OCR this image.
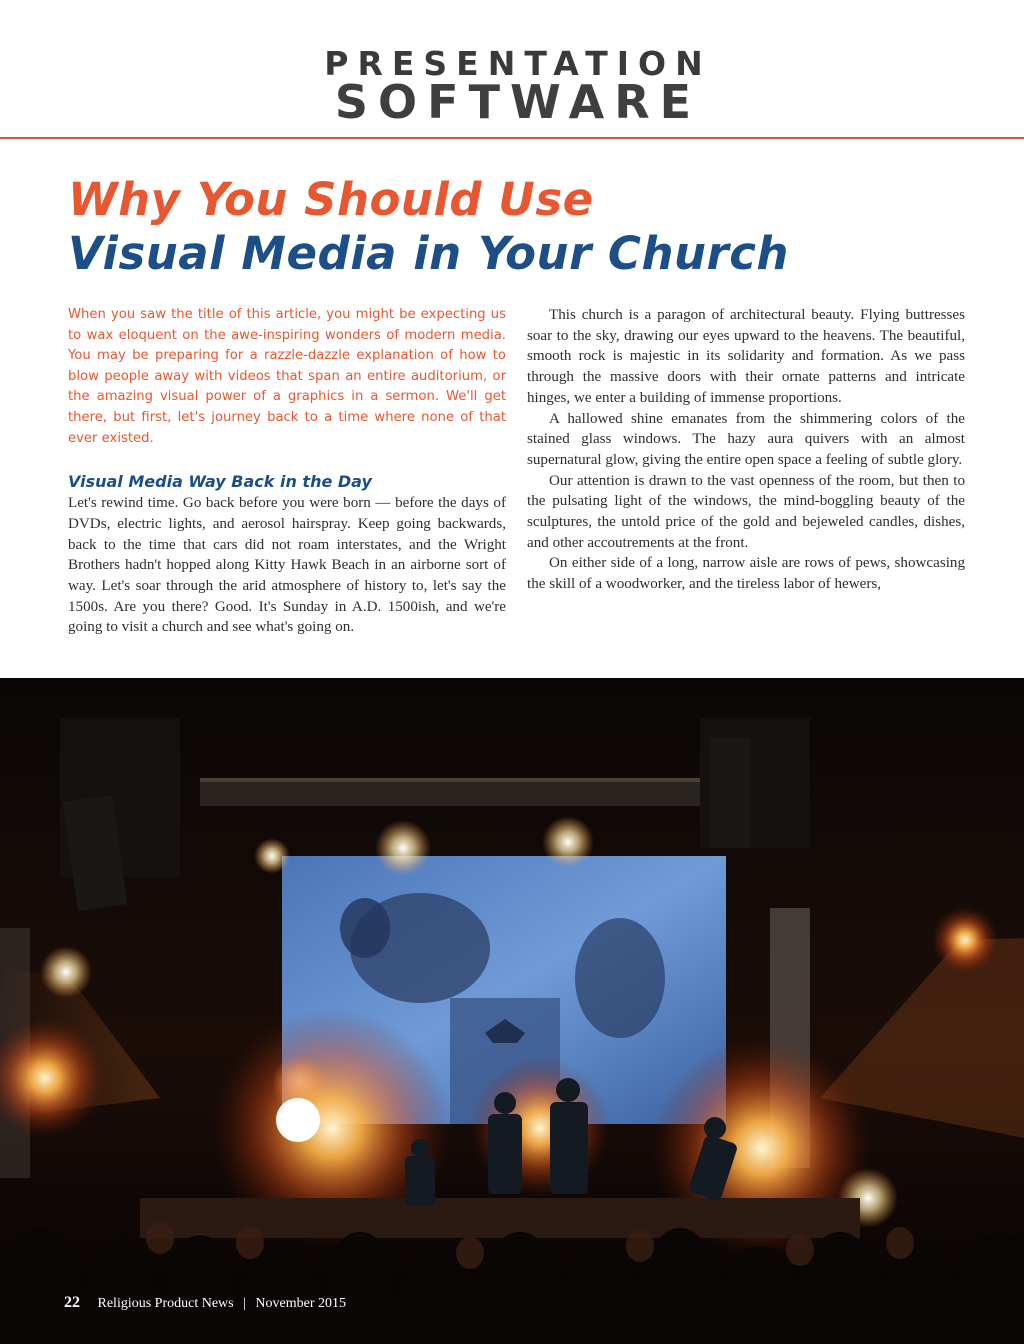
PRESENTATION
SOFTWARE
Why You Should Use
Visual Media in Your Church

When you saw the title of this article, you might be expecting us to wax eloquent on the awe-inspiring wonders of modern media. You may be preparing for a razzle-dazzle explanation of how to blow people away with videos that span an entire auditorium, or the amazing visual power of a graphics in a sermon. We'll get there, but first, let's journey back to a time where none of that ever existed.

Visual Media Way Back in the Day

Let's rewind time. Go back before you were born — before the days of DVDs, electric lights, and aerosol hairspray. Keep going backwards, back to the time that cars did not roam interstates, and the Wright Brothers hadn't hopped along Kitty Hawk Beach in an airborne sort of way. Let's soar through the arid atmosphere of history to, let's say the 1500s. Are you there? Good. It's Sunday in A.D. 1500ish, and we're going to visit a church and see what's going on.

This church is a paragon of architectural beauty. Flying buttresses soar to the sky, drawing our eyes upward to the heavens. The beautiful, smooth rock is majestic in its solidarity and formation. As we pass through the massive doors with their ornate patterns and intricate hinges, we enter a building of immense proportions.

A hallowed shine emanates from the shimmering colors of the stained glass windows. The hazy aura quivers with an almost supernatural glow, giving the entire open space a feeling of subtle glory.

Our attention is drawn to the vast openness of the room, but then to the pulsating light of the windows, the mind-boggling beauty of the sculptures, the untold price of the gold and bejeweled candles, dishes, and other accoutrements at the front.

On either side of a long, narrow aisle are rows of pews, showcasing the skill of a woodworker, and the tireless labor of hewers,

22 Religious Product News | November 2015
